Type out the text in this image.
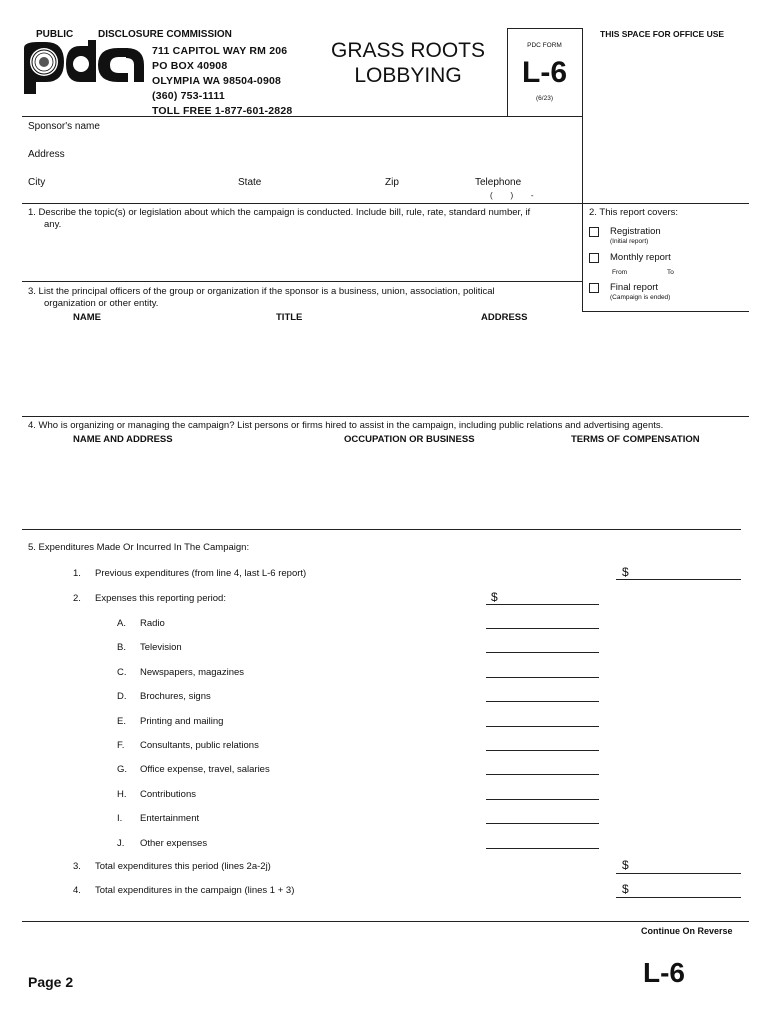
PUBLIC DISCLOSURE COMMISSION
711 CAPITOL WAY RM 206
PO BOX 40908
OLYMPIA WA 98504-0908
(360) 753-1111
TOLL FREE 1-877-601-2828
GRASS ROOTS
LOBBYING
PDC FORM
L-6
(6/23)
THIS SPACE FOR OFFICE USE
Sponsor's name
Address
City	State	Zip	Telephone
(        )        -
1. Describe the topic(s) or legislation about which the campaign is conducted. Include bill, rule, rate, standard number, if
any.
2. This report covers:
Registration
(Initial report)
Monthly report
From	To
Final report
(Campaign is ended)
3. List the principal officers of the group or organization if the sponsor is a business, union, association, political
organization or other entity.
NAME	TITLE	ADDRESS
4. Who is organizing or managing the campaign? List persons or firms hired to assist in the campaign, including public relations and advertising agents.
NAME AND ADDRESS	OCCUPATION OR BUSINESS	TERMS OF COMPENSATION
5. Expenditures Made Or Incurred In The Campaign:
1. Previous expenditures (from line 4, last L-6 report)	$
2. Expenses this reporting period:	$
A. Radio
B. Television
C. Newspapers, magazines
D. Brochures, signs
E. Printing and mailing
F. Consultants, public relations
G. Office expense, travel, salaries
H. Contributions
I. Entertainment
J. Other expenses
3. Total expenditures this period (lines 2a-2j)	$
4. Total expenditures in the campaign (lines 1 + 3)	$
Continue On Reverse
Page 2	L-6
